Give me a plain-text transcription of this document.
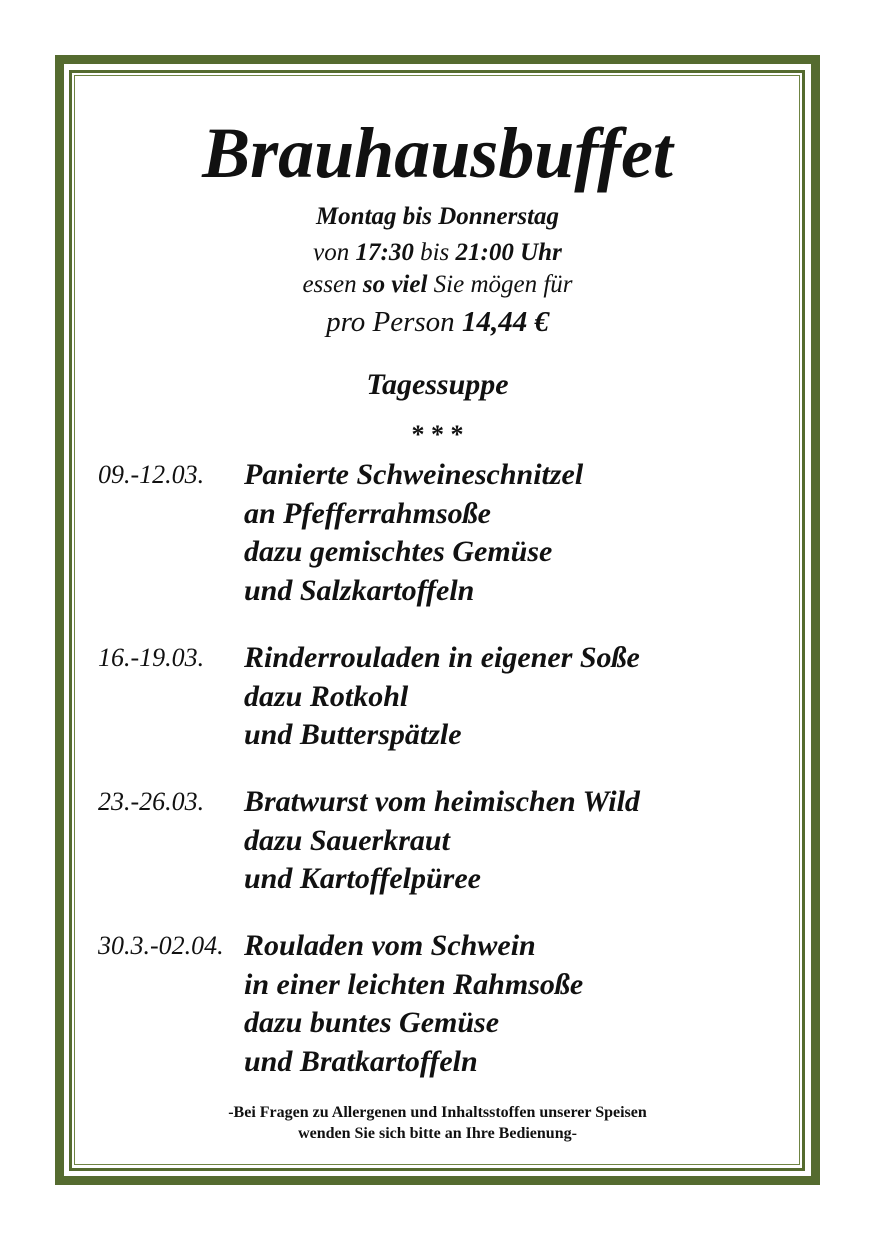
Brauhausbuffet
Montag bis Donnerstag
von 17:30 bis 21:00 Uhr
essen so viel Sie mögen für
pro Person 14,44 €
Tagessuppe
* * *
09.-12.03. Panierte Schweineschnitzel
an Pfefferrahmsoße
dazu gemischtes Gemüse
und Salzkartoffeln
16.-19.03. Rinderrouladen in eigener Soße
dazu Rotkohl
und Butterspätzle
23.-26.03. Bratwurst vom heimischen Wild
dazu Sauerkraut
und Kartoffelpüree
30.3.-02.04. Rouladen vom Schwein
in einer leichten Rahmsoße
dazu buntes Gemüse
und Bratkartoffeln
-Bei Fragen zu Allergenen und Inhaltsstoffen unserer Speisen
wenden Sie sich bitte an Ihre Bedienung-
